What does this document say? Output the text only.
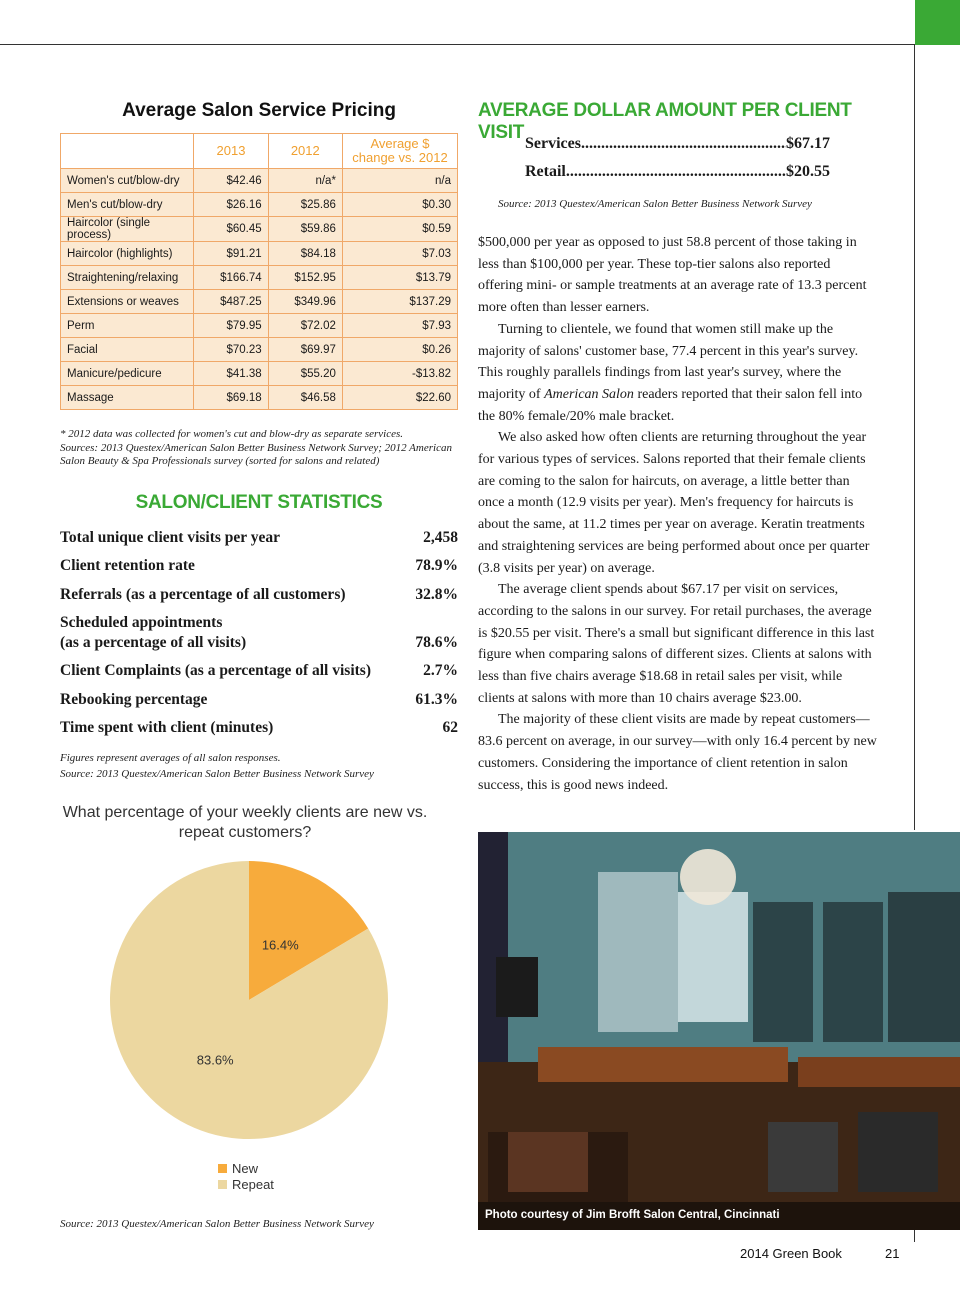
Average Salon Service Pricing
	2013	2012	Average $ change vs. 2012
Women's cut/blow-dry	$42.46	n/a*	n/a
Men's cut/blow-dry	$26.16	$25.86	$0.30
Haircolor (single process)	$60.45	$59.86	$0.59
Haircolor (highlights)	$91.21	$84.18	$7.03
Straightening/relaxing	$166.74	$152.95	$13.79
Extensions or weaves	$487.25	$349.96	$137.29
Perm	$79.95	$72.02	$7.93
Facial	$70.23	$69.97	$0.26
Manicure/pedicure	$41.38	$55.20	-$13.82
Massage	$69.18	$46.58	$22.60
* 2012 data was collected for women's cut and blow-dry as separate services.
Sources: 2013 Questex/American Salon Better Business Network Survey; 2012 American Salon Beauty & Spa Professionals survey (sorted for salons and related)
SALON/CLIENT STATISTICS
Total unique client visits per year	2,458
Client retention rate	78.9%
Referrals (as a percentage of all customers)	32.8%
Scheduled appointments
(as a percentage of all visits)	78.6%
Client Complaints (as a percentage of all visits)	2.7%
Rebooking percentage	61.3%
Time spent with client (minutes)	62
Figures represent averages of all salon responses.
Source: 2013 Questex/American Salon Better Business Network Survey
What percentage of your weekly clients are new vs. repeat customers?
16.4%
83.6%
New
Repeat
Source: 2013 Questex/American Salon Better Business Network Survey
AVERAGE DOLLAR AMOUNT PER CLIENT VISIT
Services .....	$67.17
Retail .....	$20.55
Source: 2013 Questex/American Salon Better Business Network Survey

$500,000 per year as opposed to just 58.8 percent of those taking in less than $100,000 per year. These top-tier salons also reported offering mini- or sample treatments at an average rate of 13.3 percent more often than lesser earners.

Turning to clientele, we found that women still make up the majority of salons' customer base, 77.4 percent in this year's survey. This roughly parallels findings from last year's survey, where the majority of American Salon readers reported that their salon fell into the 80% female/20% male bracket.

We also asked how often clients are returning throughout the year for various types of services. Salons reported that their female clients are coming to the salon for haircuts, on average, a little better than once a month (12.9 visits per year). Men's frequency for haircuts is about the same, at 11.2 times per year on average. Keratin treatments and straightening services are being performed about once per quarter (3.8 visits per year) on average.

The average client spends about $67.17 per visit on services, according to the salons in our survey. For retail purchases, the average is $20.55 per visit. There's a small but significant difference in this last figure when comparing salons of different sizes. Clients at salons with less than five chairs average $18.68 in retail sales per visit, while clients at salons with more than 10 chairs average $23.00.

The majority of these client visits are made by repeat customers—83.6 percent on average, in our survey—with only 16.4 percent by new customers. Considering the importance of client retention in salon success, this is good news indeed.

Photo courtesy of Jim Brofft Salon Central, Cincinnati
2014 Green Book	21
